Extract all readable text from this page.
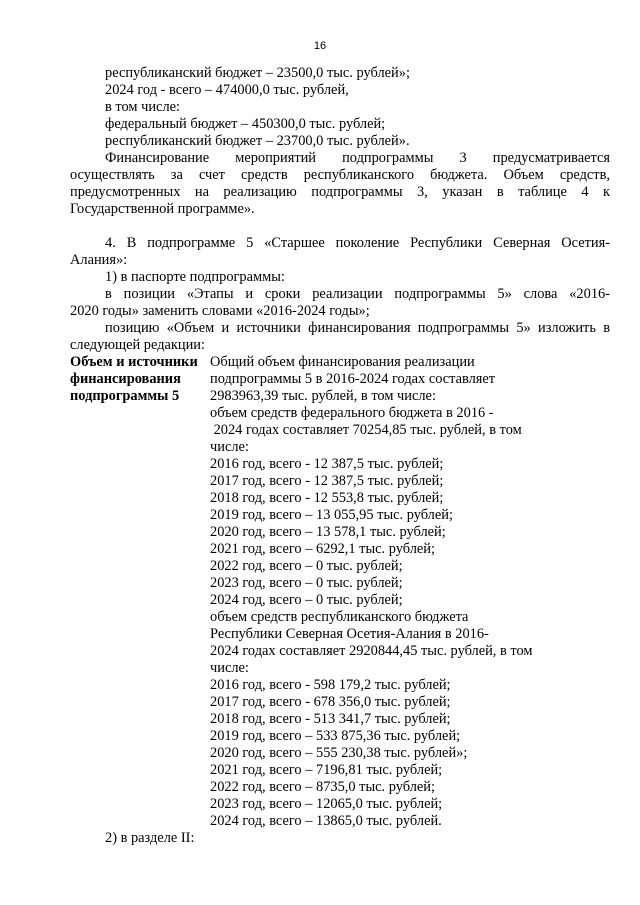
16
республиканский бюджет – 23500,0 тыс. рублей»;
2024 год - всего – 474000,0 тыс. рублей,
в том числе:
федеральный бюджет – 450300,0 тыс. рублей;
республиканский бюджет – 23700,0 тыс. рублей».
Финансирование мероприятий подпрограммы 3 предусматривается
осуществлять за счет средств республиканского бюджета. Объем средств,
предусмотренных на реализацию подпрограммы 3, указан в таблице 4 к
Государственной программе».
4. В подпрограмме 5 «Старшее поколение Республики Северная Осетия-
Алания»:
1) в паспорте подпрограммы:
в позиции «Этапы и сроки реализации подпрограммы 5» слова «2016-
2020 годы» заменить словами «2016-2024 годы»;
позицию «Объем и источники финансирования подпрограммы 5» изложить в
следующей редакции:
Объем и источники
финансирования
подпрограммы 5
Общий объем финансирования реализации
подпрограммы 5 в 2016-2024 годах составляет
2983963,39 тыс. рублей, в том числе:
объем средств федерального бюджета в 2016 -
2024 годах составляет 70254,85 тыс. рублей, в том
числе:
2016 год, всего - 12 387,5 тыс. рублей;
2017 год, всего - 12 387,5 тыс. рублей;
2018 год, всего - 12 553,8 тыс. рублей;
2019 год, всего – 13 055,95 тыс. рублей;
2020 год, всего – 13 578,1 тыс. рублей;
2021 год, всего – 6292,1 тыс. рублей;
2022 год, всего – 0 тыс. рублей;
2023 год, всего – 0 тыс. рублей;
2024 год, всего – 0 тыс. рублей;
объем средств республиканского бюджета
Республики Северная Осетия-Алания в 2016-
2024 годах составляет 2920844,45 тыс. рублей, в том
числе:
2016 год, всего - 598 179,2 тыс. рублей;
2017 год, всего - 678 356,0 тыс. рублей;
2018 год, всего - 513 341,7 тыс. рублей;
2019 год, всего – 533 875,36 тыс. рублей;
2020 год, всего – 555 230,38 тыс. рублей»;
2021 год, всего – 7196,81 тыс. рублей;
2022 год, всего – 8735,0 тыс. рублей;
2023 год, всего – 12065,0 тыс. рублей;
2024 год, всего – 13865,0 тыс. рублей.
2) в разделе II:
